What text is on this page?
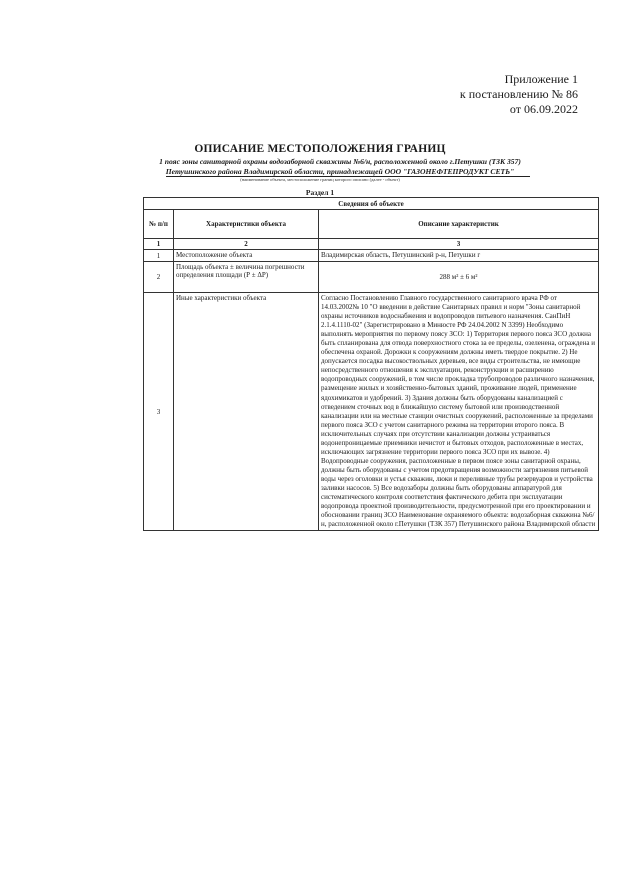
Приложение 1
к постановлению № 86
от 06.09.2022
ОПИСАНИЕ МЕСТОПОЛОЖЕНИЯ ГРАНИЦ
1 пояс зоны санитарной охраны водозаборной скважины №6/н, расположенной около г.Петушки (ТЗК 357)
Петушинского района Владимирской области, принадлежащей ООО "ГАЗОНЕФТЕПРОДУКТ СЕТЬ"
(наименование объекта, местоположение границ которого описано (далее - объект)
Раздел 1
Сведения об объекте		
№ п/п	Характеристики объекта	Описание характеристик
1	2	3
1	Местоположение объекта	Владимирская область, Петушинский р-н, Петушки г
2	Площадь объекта ± величина погрешности определения площади (Р ± ΔР)	288 м² ± 6 м²
3	Иные характеристики объекта	Согласно Постановлению Главного государственного санитарного врача РФ от 14.03.2002№ 10 "О введении в действие Санитарных правил и норм "Зоны санитарной охраны источников водоснабжения и водопроводов питьевого назначения. СанПиН 2.1.4.1110-02" (Зарегистрировано в Минюсте РФ 24.04.2002 N 3399) Необходимо выполнять мероприятия по первому поясу ЗСО: 1) Территория первого пояса ЗСО должна быть спланирована для отвода поверхностного стока за ее пределы, озеленена, ограждена и обеспечена охраной. Дорожки к сооружениям должны иметь твердое покрытие. 2) Не допускается посадка высокоствольных деревьев, все виды строительства, не имеющие непосредственного отношения к эксплуатации, реконструкции и расширению водопроводных сооружений, в том числе прокладка трубопроводов различного назначения, размещение жилых и хозяйственно-бытовых зданий, проживание людей, применение ядохимикатов и удобрений. 3) Здания должны быть оборудованы канализацией с отведением сточных вод в ближайшую систему бытовой или производственной канализации или на местные станции очистных сооружений, расположенные за пределами первого пояса ЗСО с учетом санитарного режима на территории второго пояса. В исключительных случаях при отсутствии канализации должны устраиваться водонепроницаемые приемники нечистот и бытовых отходов, расположенные в местах, исключающих загрязнение территории первого пояса ЗСО при их вывозе. 4) Водопроводные сооружения, расположенные в первом поясе зоны санитарной охраны, должны быть оборудованы с учетом предотвращения возможности загрязнения питьевой воды через оголовки и устья скважин, люки и переливные трубы резервуаров и устройства заливки насосов. 5) Все водозаборы должны быть оборудованы аппаратурой для систематического контроля соответствия фактического дебита при эксплуатации водопровода проектной производительности, предусмотренной при его проектировании и обосновании границ ЗСО Наименование охраняемого объекта: водозаборная скважина №6/н, расположенной около г.Петушки (ТЗК 357) Петушинского района Владимирской области
